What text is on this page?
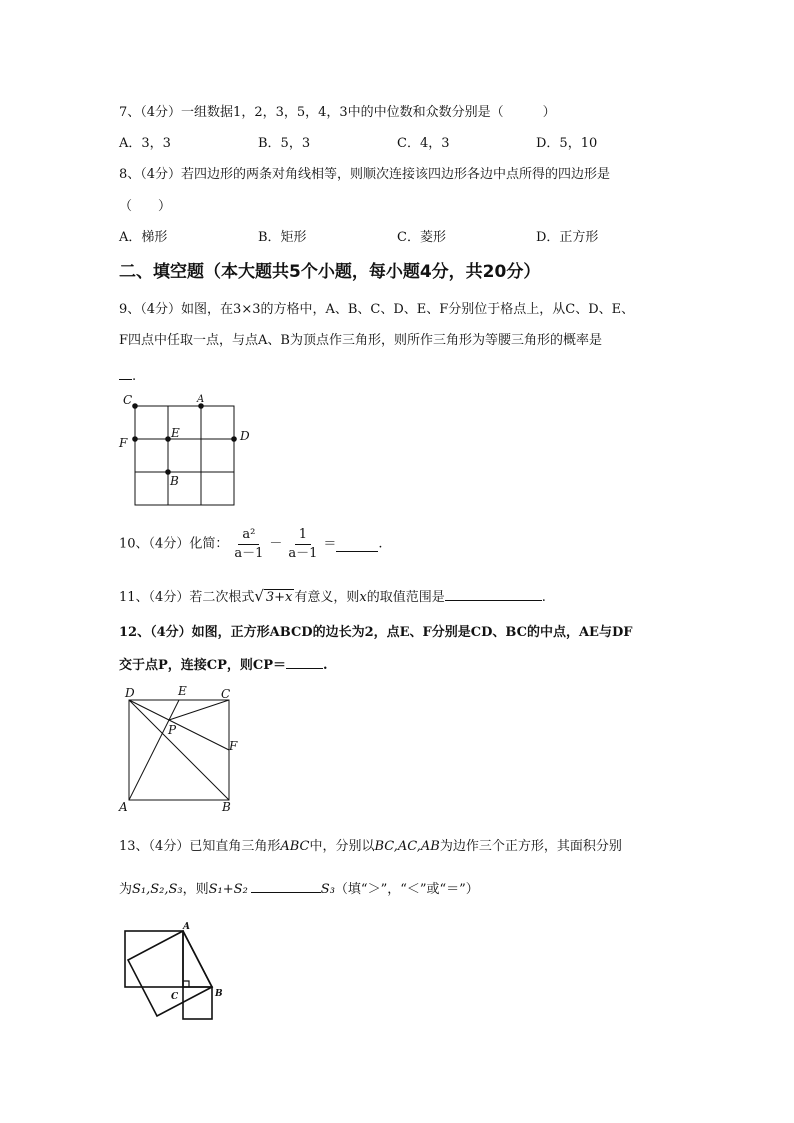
7、（4分）一组数据1，2，3，5，4，3中的中位数和众数分别是（　　　）
A．3，3	B．5，3	C．4，3	D．5，10
8、（4分）若四边形的两条对角线相等，则顺次连接该四边形各边中点所得的四边形是
（　　）
A．梯形	B．矩形	C．菱形	D．正方形
二、填空题（本大题共5个小题，每小题4分，共20分）
9、（4分）如图，在3×3的方格中，A、B、C、D、E、F分别位于格点上，从C、D、E、
F四点中任取一点，与点A、B为顶点作三角形，则所作三角形为等腰三角形的概率是
.
C	A
F
E	D
B
10、（4分）化简： $\frac{\text{a²}}{a-1} - \frac{1}{a-1}$ ＝	.
11、（4分）若二次根式√ 3+x 有意义，则x的取值范围是	.
12、（4分）如图，正方形ABCD的边长为2，点E、F分别是CD、BC的中点，AE与DF
交于点P，连接CP，则CP＝	.
D	E	C
P
F
A	B
13、（4分）已知直角三角形ABC中，分别以BC,AC,AB为边作三个正方形，其面积分别
为S₁,S₂,S₃，则S₁+S₂	S₃（填“＞”，“＜”或“＝”）
A
C	B
